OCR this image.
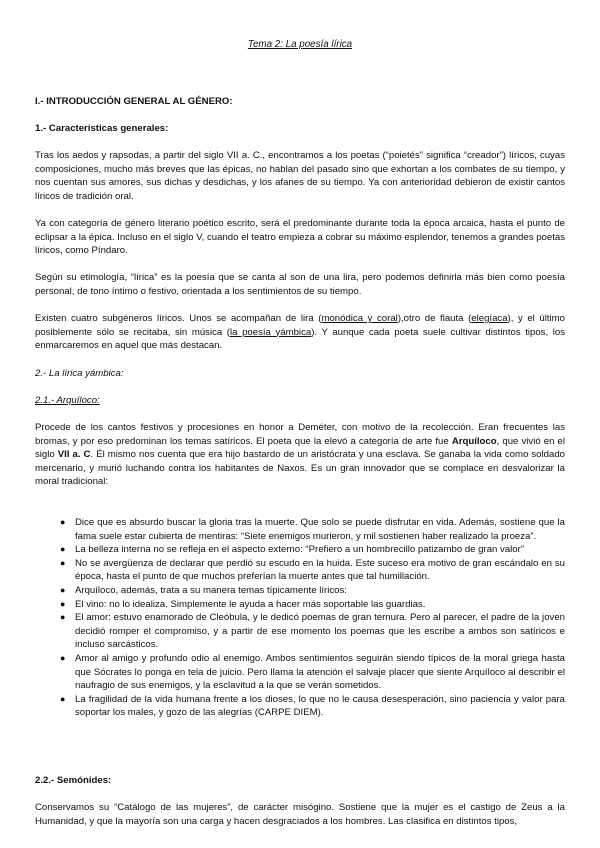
Tema 2: La poesía lírica
I.- INTRODUCCIÓN GENERAL AL GÉNERO:
1.- Características generales:

Tras los aedos y rapsodas, a partir del siglo VII a. C., encontramos a los poetas (“poietés” significa “creador”) líricos, cuyas composiciones, mucho más breves que las épicas, no hablan del pasado sino que exhortan a los combates de su tiempo, y nos cuentan sus amores, sus dichas y desdichas, y los afanes de su tiempo. Ya con anterioridad debieron de existir cantos líricos de tradición oral.

Ya con categoría de género literario poético escrito, será el predominante durante toda la época arcaica, hasta el punto de eclipsar a la épica. Incluso en el siglo V, cuando el teatro empieza a cobrar su máximo esplendor, tenemos a grandes poetas líricos, como Píndaro.

Según su etimología, “lírica” es la poesía que se canta al son de una lira, pero podemos definirla más bien como poesía personal, de tono íntimo o festivo, orientada a los sentimientos de su tiempo.

Existen cuatro subgéneros líricos. Unos se acompañan de lira (monódica y coral),otro de flauta (elegíaca), y el último posiblemente sólo se recitaba, sin música (la poesía yámbica). Y aunque cada poeta suele cultivar distintos tipos, los enmarcaremos en aquel que más destacan.

2.- La lírica yámbica:
2.1.- Arquíloco:

Procede de los cantos festivos y procesiones en honor a Deméter, con motivo de la recolección. Eran frecuentes las bromas, y por eso predominan los temas satíricos. El poeta que la elevó a categoría de arte fue Arquíloco, que vivió en el siglo VII a. C. Él mismo nos cuenta que era hijo bastardo de un aristócrata y una esclava. Se ganaba la vida como soldado mercenario, y murió luchando contra los habitantes de Naxos. Es un gran innovador que se complace en desvalorizar la moral tradicional:

● Dice que es absurdo buscar la gloria tras la muerte. Que solo se puede disfrutar en vida. Además, sostiene que la fama suele estar cubierta de mentiras: “Siete enemigos murieron, y mil sostienen haber realizado la proeza”.
● La belleza interna no se refleja en el aspecto externo: “Prefiero a un hombrecillo patizambo de gran valor”
● No se avergüenza de declarar que perdió su escudo en la huida. Este suceso era motivo de gran escándalo en su época, hasta el punto de que muchos preferían la muerte antes que tal humillación.
● Arquíloco, además, trata a su manera temas típicamente líricos:
● El vino: no lo idealiza. Simplemente le ayuda a hacer más soportable las guardias.
● El amor: estuvo enamorado de Cleóbula, y le dedicó poemas de gran ternura. Pero al parecer, el padre de la joven decidió romper el compromiso, y a partir de ese momento los poemas que les escribe a ambos son satíricos e incluso sarcásticos.
● Amor al amigo y profundo odio al enemigo. Ambos sentimientos seguirán siendo típicos de la moral griega hasta que Sócrates lo ponga en tela de juicio. Pero llama la atención el salvaje placer que siente Arquíloco al describir el naufragio de sus enemigos, y la esclavitud a la que se verán sometidos.
● La fragilidad de la vida humana frente a los dioses, lo que no le causa desesperación, sino paciencia y valor para soportar los males, y gozo de las alegrías (CARPE DIEM).
2.2.- Semónides:

Conservamos su “Catálogo de las mujeres”, de carácter misógino. Sostiene que la mujer es el castigo de Zeus a la Humanidad, y que la mayoría son una carga y hacen desgraciados a los hombres. Las clasifica en distintos tipos,
